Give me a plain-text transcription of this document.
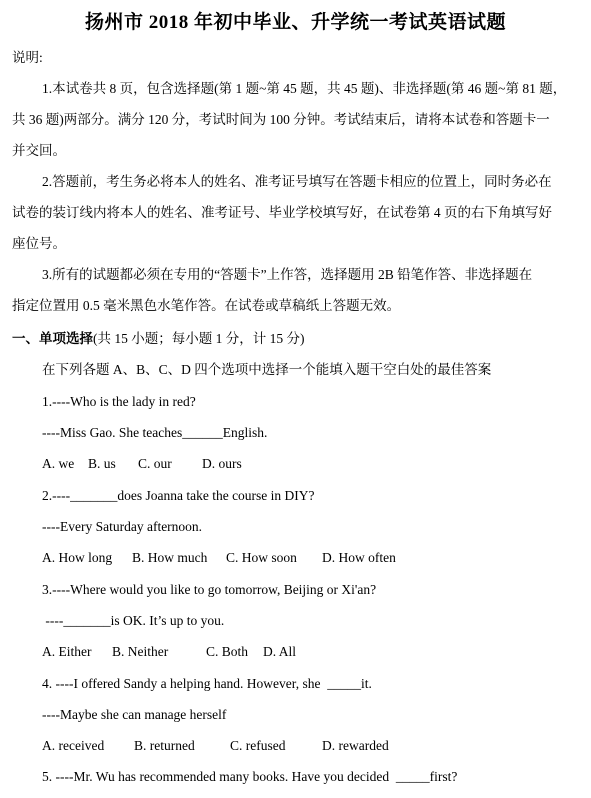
扬州市 2018 年初中毕业、升学统一考试英语试题
说明:
1.本试卷共 8 页，包含选择题(第 1 题~第 45 题，共 45 题)、非选择题(第 46 题~第 81 题，
共 36 题)两部分。满分 120 分，考试时间为 100 分钟。考试结束后，请将本试卷和答题卡一
并交回。
2.答题前，考生务必将本人的姓名、准考证号填写在答题卡相应的位置上，同时务必在
试卷的装订线内将本人的姓名、准考证号、毕业学校填写好，在试卷第 4 页的右下角填写好
座位号。
3.所有的试题都必须在专用的“答题卡”上作答，选择题用 2B 铅笔作答、非选择题在
指定位置用 0.5 毫米黑色水笔作答。在试卷或草稿纸上答题无效。
一、单项选择(共 15 小题；每小题 1 分，计 15 分)
在下列各题 A、B、C、D 四个选项中选择一个能填入题干空白处的最佳答案
1.----Who is the lady in red?
----Miss Gao. She teaches______English.
A. we B. us C. our D. ours
2.----_______does Joanna take the course in DIY?
----Every Saturday afternoon.
A. How long B. How much C. How soon D. How often
3.----Where would you like to go tomorrow, Beijing or Xi'an?
----_______is OK. It’s up to you.
A. Either B. Neither	C. Both D. All
4. ----I offered Sandy a helping hand. However, she  _____it.
----Maybe she can manage herself
A. received B. returned	C. refused	D. rewarded
5. ----Mr. Wu has recommended many books. Have you decided  _____first?
